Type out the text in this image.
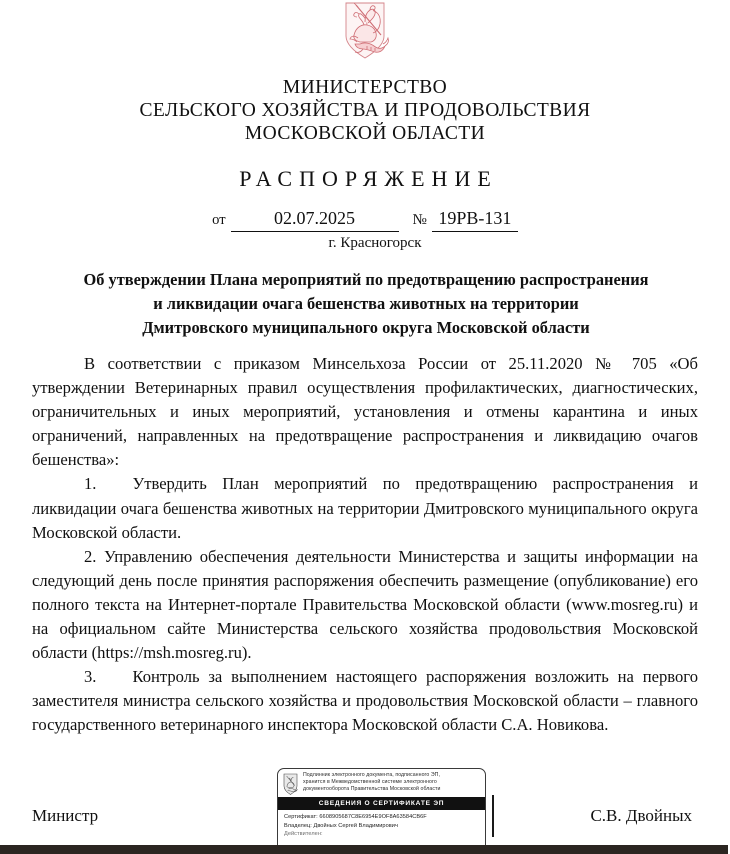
МИНИСТЕРСТВО
СЕЛЬСКОГО ХОЗЯЙСТВА И ПРОДОВОЛЬСТВИЯ
МОСКОВСКОЙ ОБЛАСТИ
РАСПОРЯЖЕНИЕ
от	02.07.2025	№ 19РВ-131
г. Красногорск
Об утверждении Плана мероприятий по предотвращению распространения
и ликвидации очага бешенства животных на территории
Дмитровского муниципального округа Московской области

В соответствии с приказом Минсельхоза России от 25.11.2020 № 705 «Об утверждении Ветеринарных правил осуществления профилактических, диагностических, ограничительных и иных мероприятий, установления и отмены карантина и иных ограничений, направленных на предотвращение распространения и ликвидацию очагов бешенства»:

1. Утвердить План мероприятий по предотвращению распространения и ликвидации очага бешенства животных на территории Дмитровского муниципального округа Московской области.

2. Управлению обеспечения деятельности Министерства и защиты информации на следующий день после принятия распоряжения обеспечить размещение (опубликование) его полного текста на Интернет-портале Правительства Московской области (www.mosreg.ru) и на официальном сайте Министерства сельского хозяйства продовольствия Московской области (https://msh.mosreg.ru).

3. Контроль за выполнением настоящего распоряжения возложить на первого заместителя министра сельского хозяйства и продовольствия Московской области – главного государственного ветеринарного инспектора Московской области С.А. Новикова.

Министр	С.В. Двойных
Подлинник электронного документа, подписанного ЭП,
хранится в Межведомственной системе электронного
документооборота Правительства Московской области
СВЕДЕНИЯ О СЕРТИФИКАТЕ ЭП
Сертификат: 6608905687C8E6954E9OF8A63584CB6F
Владелец: Двойных Сергей Владимирович
Действителен:
